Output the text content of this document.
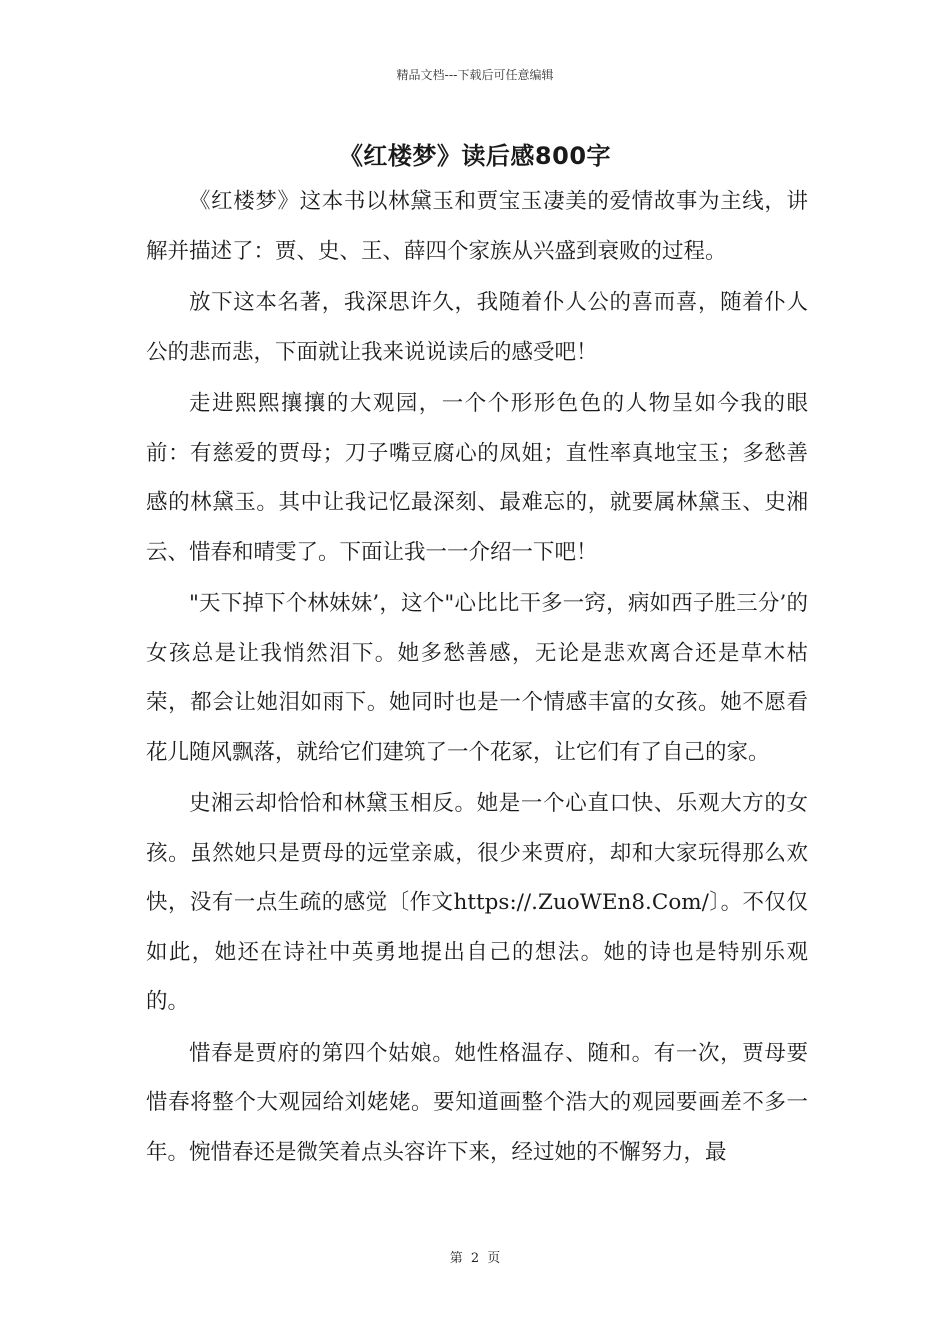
精品文档---下载后可任意编辑
《红楼梦》读后感800字

《红楼梦》这本书以林黛玉和贾宝玉凄美的爱情故事为主线，讲解并描述了：贾、史、王、薛四个家族从兴盛到衰败的过程。

放下这本名著，我深思许久，我随着仆人公的喜而喜，随着仆人公的悲而悲，下面就让我来说说读后的感受吧！

走进熙熙攘攘的大观园，一个个形形色色的人物呈如今我的眼前：有慈爱的贾母；刀子嘴豆腐心的凤姐；直性率真地宝玉；多愁善感的林黛玉。其中让我记忆最深刻、最难忘的，就要属林黛玉、史湘云、惜春和晴雯了。下面让我一一介绍一下吧！

"天下掉下个林妹妹’，这个"心比比干多一窍，病如西子胜三分’的女孩总是让我悄然泪下。她多愁善感，无论是悲欢离合还是草木枯荣，都会让她泪如雨下。她同时也是一个情感丰富的女孩。她不愿看花儿随风飘落，就给它们建筑了一个花冢，让它们有了自己的家。

史湘云却恰恰和林黛玉相反。她是一个心直口快、乐观大方的女孩。虽然她只是贾母的远堂亲戚，很少来贾府，却和大家玩得那么欢快，没有一点生疏的感觉〔作文https://.ZuoWEn8.Com/〕。不仅仅如此，她还在诗社中英勇地提出自己的想法。她的诗也是特别乐观的。

惜春是贾府的第四个姑娘。她性格温存、随和。有一次，贾母要惜春将整个大观园给刘姥姥。要知道画整个浩大的观园要画差不多一年。惋惜春还是微笑着点头容许下来，经过她的不懈努力，最

第 2 页
